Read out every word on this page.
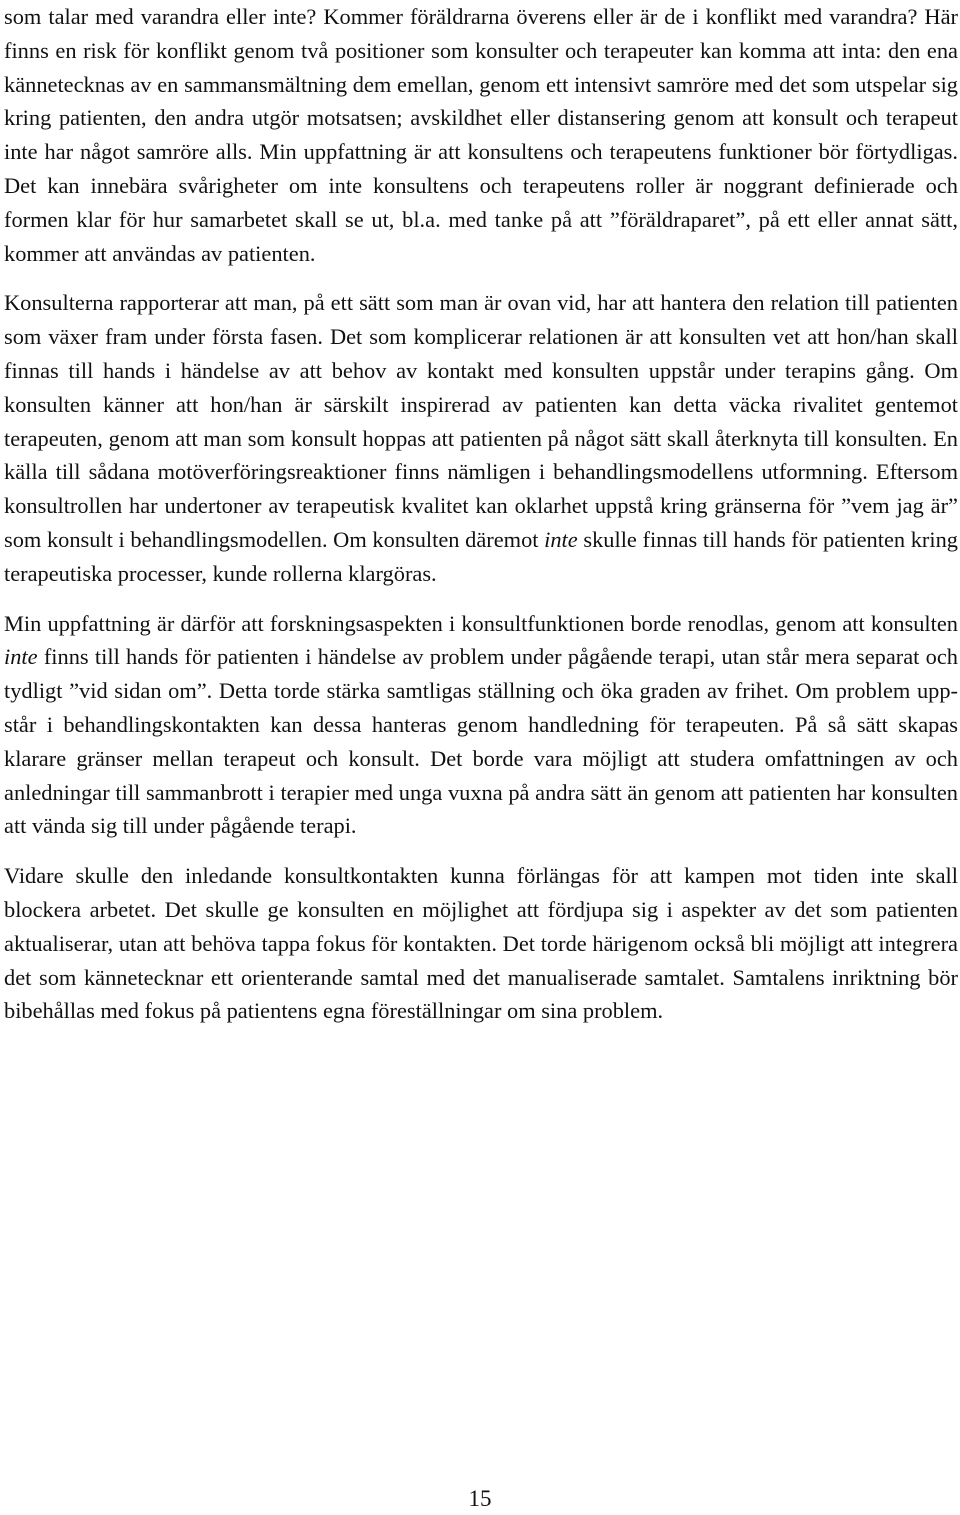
som talar med varandra eller inte? Kommer föräldrarna överens eller är de i konflikt med varandra? Här finns en risk för konflikt genom två positioner som konsulter och terapeuter kan komma att inta: den ena kännetecknas av en sammansmältning dem emellan, genom ett intensivt samröre med det som utspelar sig kring patienten, den andra utgör motsatsen; avskildhet eller distansering genom att konsult och terapeut inte har något samröre alls. Min uppfattning är att konsultens och terapeutens funktioner bör förtydligas. Det kan innebära svårigheter om inte konsultens och terapeutens roller är noggrant definierade och formen klar för hur samarbetet skall se ut, bl.a. med tanke på att ”föräldraparet”, på ett eller annat sätt, kommer att användas av patienten.

Konsulterna rapporterar att man, på ett sätt som man är ovan vid, har att hantera den relation till patienten som växer fram under första fasen. Det som komplicerar relationen är att konsulten vet att hon/han skall finnas till hands i händelse av att behov av kontakt med konsulten uppstår under terapins gång. Om konsulten känner att hon/han är särskilt inspirerad av patienten kan detta väcka rivalitet gentemot terapeuten, genom att man som konsult hoppas att patienten på något sätt skall återknyta till konsulten. En källa till sådana motöverföringsreaktioner finns nämligen i behandlingsmodellens utformning. Eftersom konsultrollen har undertoner av terapeutisk kvalitet kan oklarhet uppstå kring gränserna för ”vem jag är” som konsult i behandlingsmodellen. Om konsulten däremot inte skulle finnas till hands för patienten kring terapeutiska processer, kunde rollerna klargöras.

Min uppfattning är därför att forskningsaspekten i konsultfunktionen borde renodlas, genom att konsulten inte finns till hands för patienten i händelse av problem under pågående terapi, utan står mera separat och tydligt ”vid sidan om”. Detta torde stärka samtligas ställning och öka graden av frihet. Om problem uppstår i behandlingskontakten kan dessa hanteras genom handledning för terapeuten. På så sätt skapas klarare gränser mellan terapeut och konsult. Det borde vara möjligt att studera omfattningen av och anledningar till sammanbrott i terapier med unga vuxna på andra sätt än genom att patienten har konsulten att vända sig till under pågående terapi.

Vidare skulle den inledande konsultkontakten kunna förlängas för att kampen mot tiden inte skall blockera arbetet. Det skulle ge konsulten en möjlighet att fördjupa sig i aspekter av det som patienten aktualiserar, utan att behöva tappa fokus för kontakten. Det torde härigenom också bli möjligt att integrera det som kännetecknar ett orienterande samtal med det manualiserade samtalet. Samtalens inriktning bör bibehållas med fokus på patientens egna föreställningar om sina problem.

15
